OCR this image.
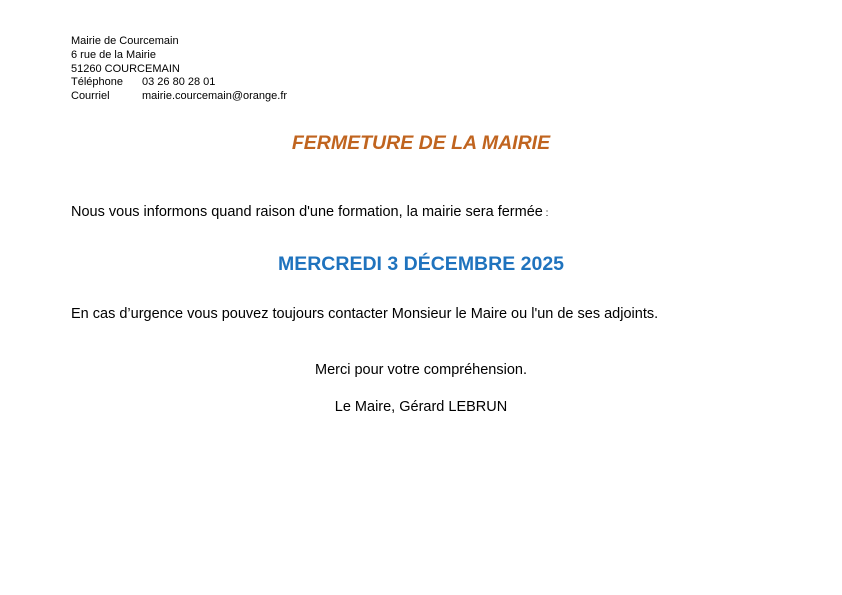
Mairie de Courcemain
6 rue de la Mairie
51260 COURCEMAIN
Téléphone 03 26 80 28 01
Courriel	mairie.courcemain@orange.fr
FERMETURE DE LA MAIRIE
Nous vous informons quand raison d'une formation, la mairie sera fermée :
MERCREDI 3 DÉCEMBRE 2025
En cas d’urgence vous pouvez toujours contacter Monsieur le Maire ou l'un de ses adjoints.
Merci pour votre compréhension.
Le Maire, Gérard LEBRUN
